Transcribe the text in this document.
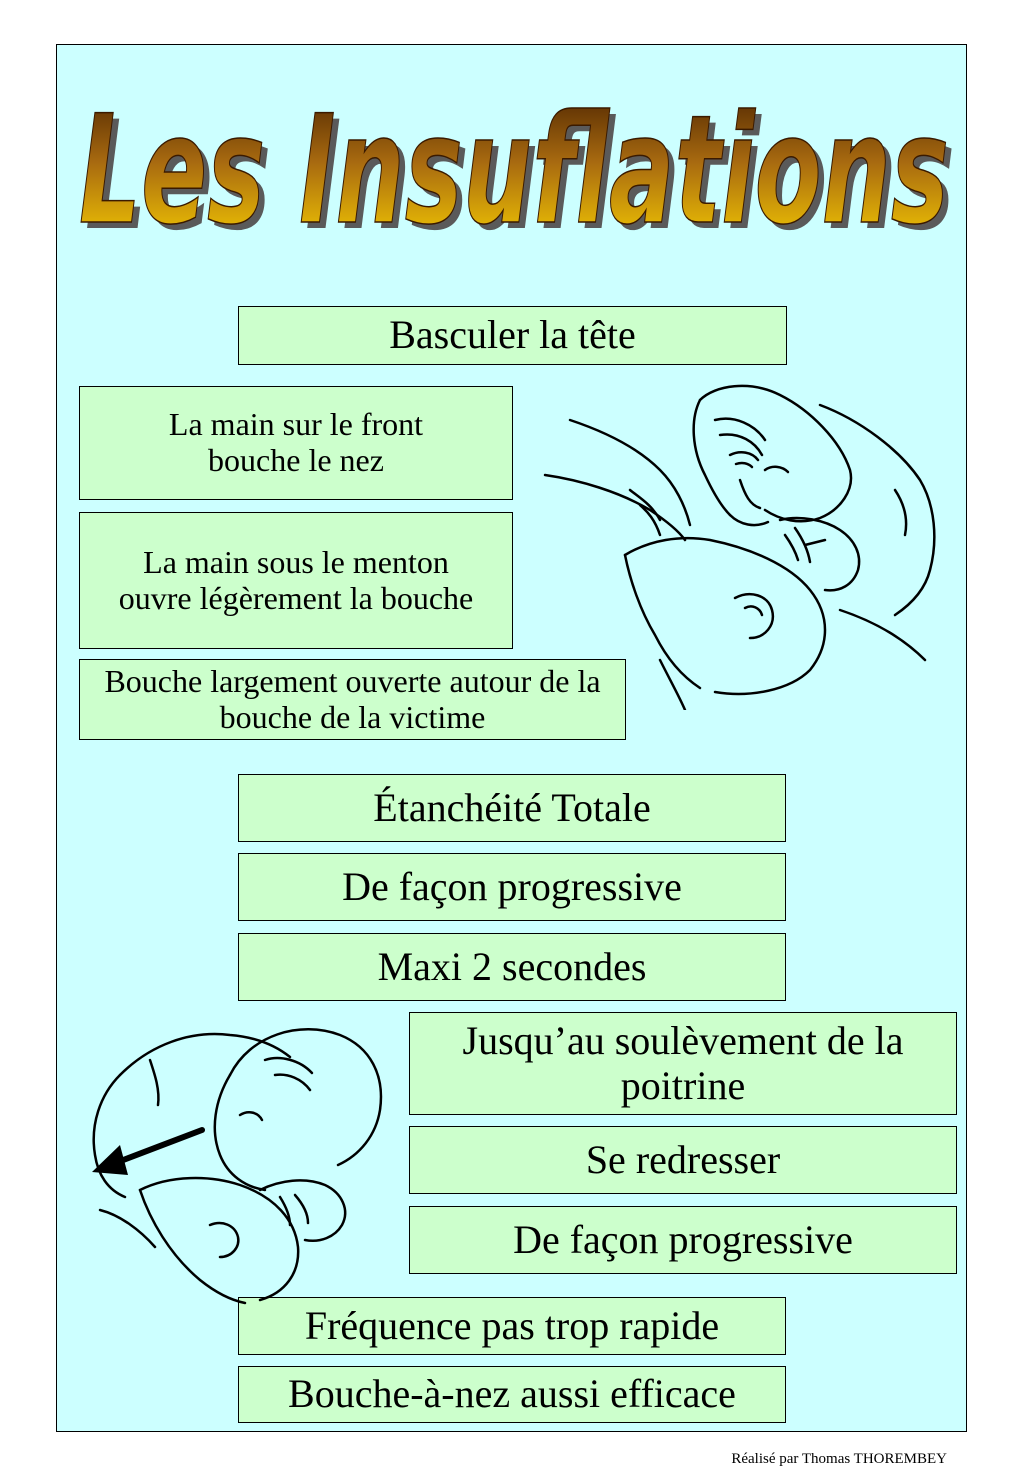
Les Insuflations
Les Insuflations
Basculer la tête
La main sur le front bouche le nez
La main sous le menton ouvre légèrement la bouche
Bouche largement ouverte autour de la bouche de la victime
Étanchéité Totale
De façon progressive
Maxi 2 secondes
Jusqu’au soulèvement de la poitrine
Se redresser
De façon progressive
Fréquence pas trop rapide
Bouche-à-nez aussi efficace
Réalisé par Thomas THOREMBEY
